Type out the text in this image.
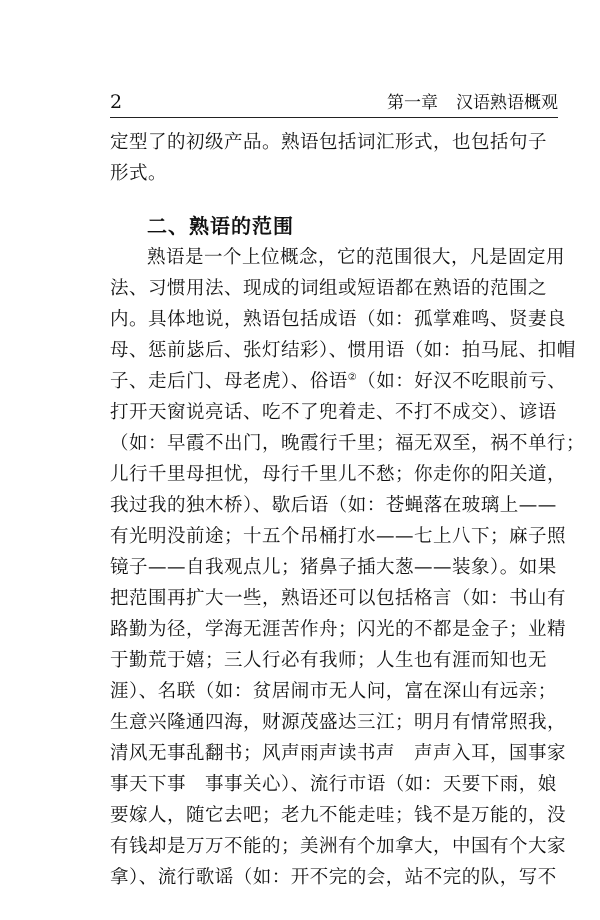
2	第一章 汉语熟语概观
定型了的初级产品。熟语包括词汇形式，也包括句子
形式。
二、熟语的范围
熟语是一个上位概念，它的范围很大，凡是固定用
法、习惯用法、现成的词组或短语都在熟语的范围之
内。具体地说，熟语包括成语（如：孤掌难鸣、贤妻良
母、惩前毖后、张灯结彩）、惯用语（如：拍马屁、扣帽
子、走后门、母老虎）、俗语②（如：好汉不吃眼前亏、
打开天窗说亮话、吃不了兜着走、不打不成交）、谚语
（如：早霞不出门，晚霞行千里；福无双至，祸不单行；
儿行千里母担忧，母行千里儿不愁；你走你的阳关道，
我过我的独木桥）、歇后语（如：苍蝇落在玻璃上——
有光明没前途；十五个吊桶打水——七上八下；麻子照
镜子——自我观点儿；猪鼻子插大葱——装象）。如果
把范围再扩大一些，熟语还可以包括格言（如：书山有
路勤为径，学海无涯苦作舟；闪光的不都是金子；业精
于勤荒于嬉；三人行必有我师；人生也有涯而知也无
涯）、名联（如：贫居闹市无人问，富在深山有远亲；
生意兴隆通四海，财源茂盛达三江；明月有情常照我，
清风无事乱翻书；风声雨声读书声　声声入耳，国事家
事天下事　事事关心）、流行市语（如：天要下雨，娘
要嫁人，随它去吧；老九不能走哇；钱不是万能的，没
有钱却是万万不能的；美洲有个加拿大，中国有个大家
拿）、流行歌谣（如：开不完的会，站不完的队，写不
